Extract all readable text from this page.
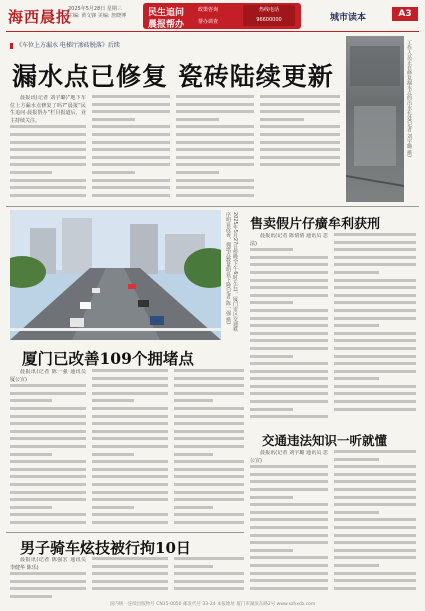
海西晨报
2025年5月28日 星期三
主编: 黄文锋 美编: 詹晓博 民生追问
晨报帮办
政策咨询
帮办调查
热线电话
96600000	城市读本	A3
《车位上方漏水 电梯厅渗砖脱落》后续
漏水点已修复 瓷砖陆续更新

晨报讯(记者 刘宇璐)“地下车位上方漏水点修复了吗?”晨报“民生追问·晨报帮办”栏目报道后，业主持续关注。	工作人员正在修复漏水点的出水孔处(记者 刘宇璐 摄)
2025年5月27日傍晚(下午6时左右)，厦门市区交通秩序明显改善，拥堵点数量明显下降(记者 陈一强 摄)	售卖假片仔癀牟利获刑

晨报讯(记者 陈倩倩 通讯员 思法)

厦门已改善109个拥堵点

晨报讯(记者 陈一强 通讯员 厦公宣)

交通违法知识一听就懂

晨报讯(记者 刘宇璐 通讯员 思公宣)

男子骑车炫技被行拘10日

晨报讯(记者 陈强宏 通讯员 李健华 陈乐)

国内统一连续出版物号 CN35-0050 邮发代号 33-24 本报地址 厦门市湖滨东路2号 www.szhxcb.com
